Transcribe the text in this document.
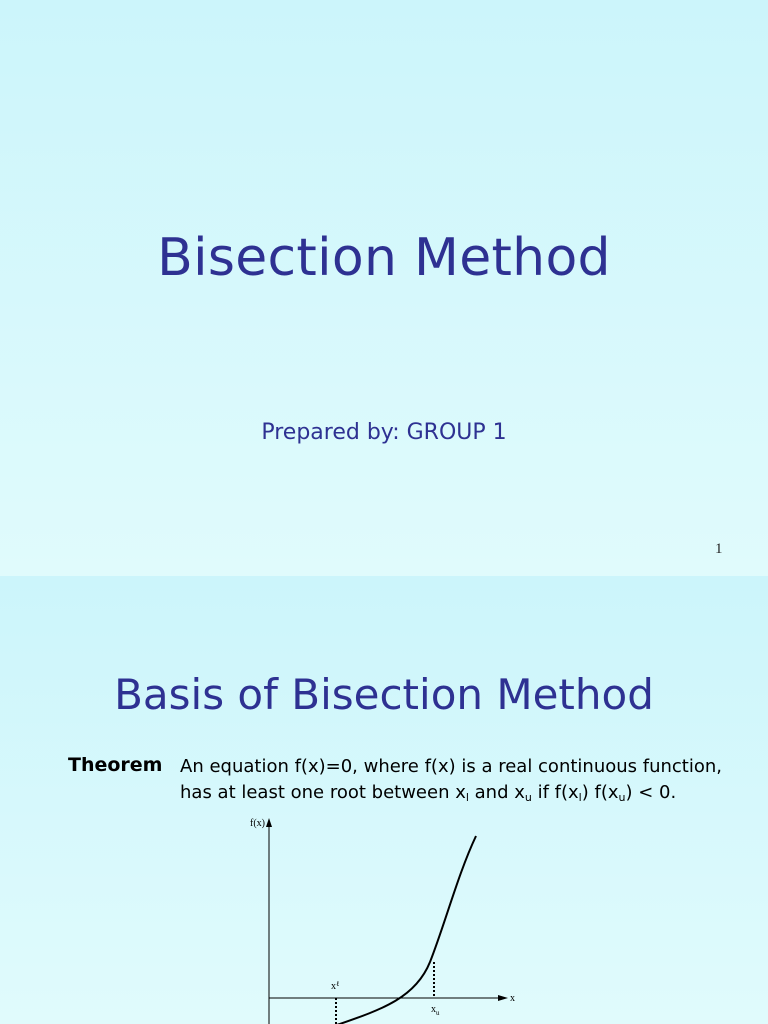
Bisection Method
Prepared by: GROUP 1
1
Basis of Bisection Method
Theorem An equation f(x)=0, where f(x) is a real continuous function,
has at least one root between $x_l$ and $x_u$ if $f(x_l) f(x_u) < 0$.
f(x)
x
$x^\ell$
$x_u$
